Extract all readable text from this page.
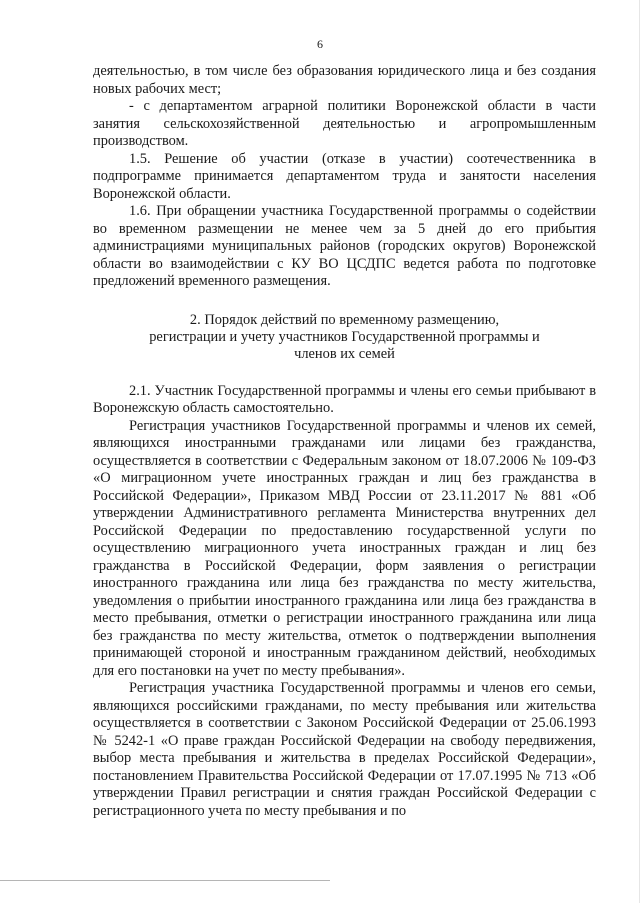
6

деятельностью, в том числе без образования юридического лица и без создания новых рабочих мест;

- с департаментом аграрной политики Воронежской области в части занятия сельскохозяйственной деятельностью и агропромышленным производством.

1.5. Решение об участии (отказе в участии) соотечественника в подпрограмме принимается департаментом труда и занятости населения Воронежской области.

1.6. При обращении участника Государственной программы о содействии во временном размещении не менее чем за 5 дней до его прибытия администрациями муниципальных районов (городских округов) Воронежской области во взаимодействии с КУ ВО ЦСДПС ведется работа по подготовке предложений временного размещения.

2. Порядок действий по временному размещению,
регистрации и учету участников Государственной программы и
членов их семей

2.1. Участник Государственной программы и члены его семьи прибывают в Воронежскую область самостоятельно.

Регистрация участников Государственной программы и членов их семей, являющихся иностранными гражданами или лицами без гражданства, осуществляется в соответствии с Федеральным законом от 18.07.2006 № 109-ФЗ «О миграционном учете иностранных граждан и лиц без гражданства в Российской Федерации», Приказом МВД России от 23.11.2017 № 881 «Об утверждении Административного регламента Министерства внутренних дел Российской Федерации по предоставлению государственной услуги по осуществлению миграционного учета иностранных граждан и лиц без гражданства в Российской Федерации, форм заявления о регистрации иностранного гражданина или лица без гражданства по месту жительства, уведомления о прибытии иностранного гражданина или лица без гражданства в место пребывания, отметки о регистрации иностранного гражданина или лица без гражданства по месту жительства, отметок о подтверждении выполнения принимающей стороной и иностранным гражданином действий, необходимых для его постановки на учет по месту пребывания».

Регистрация участника Государственной программы и членов его семьи, являющихся российскими гражданами, по месту пребывания или жительства осуществляется в соответствии с Законом Российской Федерации от 25.06.1993 № 5242-1 «О праве граждан Российской Федерации на свободу передвижения, выбор места пребывания и жительства в пределах Российской Федерации», постановлением Правительства Российской Федерации от 17.07.1995 № 713 «Об утверждении Правил регистрации и снятия граждан Российской Федерации с регистрационного учета по месту пребывания и по
